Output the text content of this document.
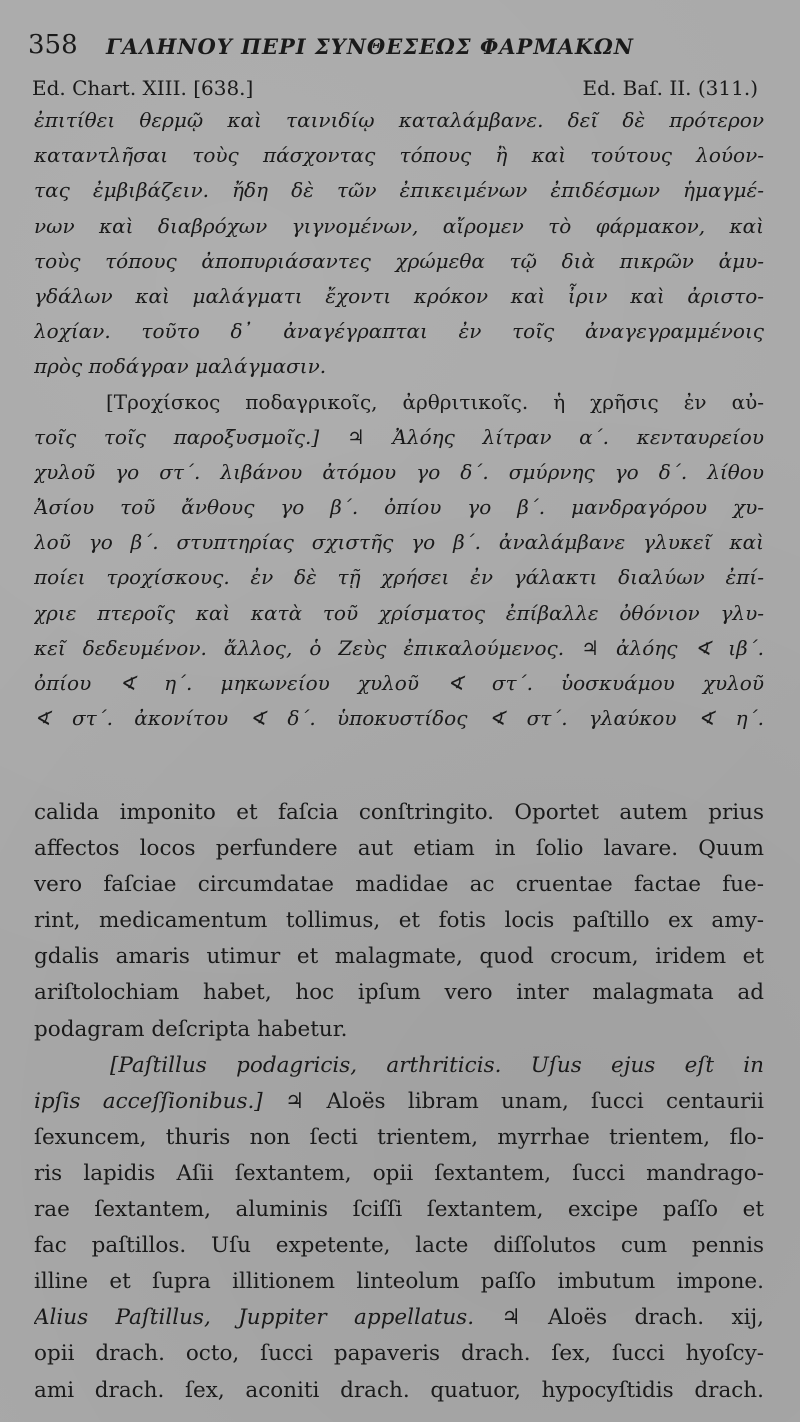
358 ΓΑΛΗΝΟΥ ΠΕΡΙ ΣΥΝΘΕΣΕΩΣ ΦΑΡΜΑΚΩΝ
Ed. Chart. XIII. [638.]	Ed. Baſ. II. (311.)
ἐπιτίθει θερμῷ καὶ ταινιδίῳ καταλάμβανε. δεῖ δὲ πρότερον
καταντλῆσαι τοὺς πάσχοντας τόπους ἢ καὶ τούτους λούον-
τας ἐμβιβάζειν. ἤδη δὲ τῶν ἐπικειμένων ἐπιδέσμων ἡμαγμέ-
νων καὶ διαβρόχων γιγνομένων, αἴρομεν τὸ φάρμακον, καὶ
τοὺς τόπους ἀποπυριάσαντες χρώμεθα τῷ διὰ πικρῶν ἀμυ-
γδάλων καὶ μαλάγματι ἔχοντι κρόκον καὶ ἶριν καὶ ἀριστο-
λοχίαν. τοῦτο δ᾽ ἀναγέγραπται ἐν τοῖς ἀναγεγραμμένοις
πρὸς ποδάγραν μαλάγμασιν.
[Τροχίσκος ποδαγρικοῖς, ἀρθριτικοῖς. ἡ χρῆσις ἐν αὐ-
τοῖς τοῖς παροξυσμοῖς.] ♃ Ἀλόης λίτραν α΄. κενταυρείου
χυλοῦ γο στ΄. λιβάνου ἀτόμου γο δ΄. σμύρνης γο δ΄. λίθου
Ἀσίου τοῦ ἄνθους γο β΄. ὀπίου γο β΄. μανδραγόρου χυ-
λοῦ γο β΄. στυπτηρίας σχιστῆς γο β΄. ἀναλάμβανε γλυκεῖ καὶ
ποίει τροχίσκους. ἐν δὲ τῇ χρήσει ἐν γάλακτι διαλύων ἐπί-
χριε πτεροῖς καὶ κατὰ τοῦ χρίσματος ἐπίβαλλε ὀθόνιον γλυ-
κεῖ δεδευμένον. ἄλλος, ὁ Ζεὺς ἐπικαλούμενος. ♃ ἀλόης ∢ ιβ΄.
ὀπίου ∢ η΄. μηκωνείου χυλοῦ ∢ στ΄. ὑοσκυάμου χυλοῦ
∢ στ΄. ἀκονίτου ∢ δ΄. ὑποκυστίδος ∢ στ΄. γλαύκου ∢ η΄.
calida imponito et faſcia conſtringito. Oportet autem prius
affectos locos perfundere aut etiam in ſolio lavare. Quum
vero faſciae circumdatae madidae ac cruentae factae fue-
rint, medicamentum tollimus, et fotis locis paſtillo ex amy-
gdalis amaris utimur et malagmate, quod crocum, iridem et
ariſtolochiam habet, hoc ipſum vero inter malagmata ad
podagram deſcripta habetur.
[Paſtillus podagricis, arthriticis. Uſus ejus eſt in
ipſis acceſſionibus.] ♃ Aloës libram unam, ſucci centaurii
ſexuncem, thuris non ſecti trientem, myrrhae trientem, flo-
ris lapidis Aſii ſextantem, opii ſextantem, ſucci mandrago-
rae ſextantem, aluminis ſciſſi ſextantem, excipe paſſo et
fac paſtillos. Uſu expetente, lacte diſſolutos cum pennis
illine et ſupra illitionem linteolum paſſo imbutum impone.
Alius Paſtillus, Juppiter appellatus. ♃ Aloës drach. xij,
opii drach. octo, ſucci papaveris drach. ſex, ſucci hyoſcy-
ami drach. ſex, aconiti drach. quatuor, hypocyſtidis drach.
